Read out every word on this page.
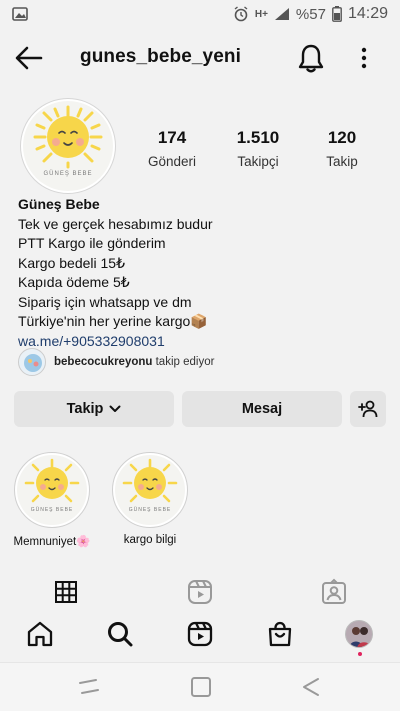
H+ %57 14:29
gunes_bebe_yeni
GÜNEŞ BEBE
174
Gönderi
1.510
Takipçi
120
Takip
Güneş Bebe
Tek ve gerçek hesabımız budur
PTT Kargo ile gönderim
Kargo bedeli 15₺
Kapıda ödeme 5₺
Sipariş için whatsapp ve dm
Türkiye'nin her yerine kargo📦
wa.me/+905332908031
bebecocukreyonu takip ediyor
Takip	Mesaj
GÜNEŞ BEBE
Memnuniyet🌸
GÜNEŞ BEBE
kargo bilgi
